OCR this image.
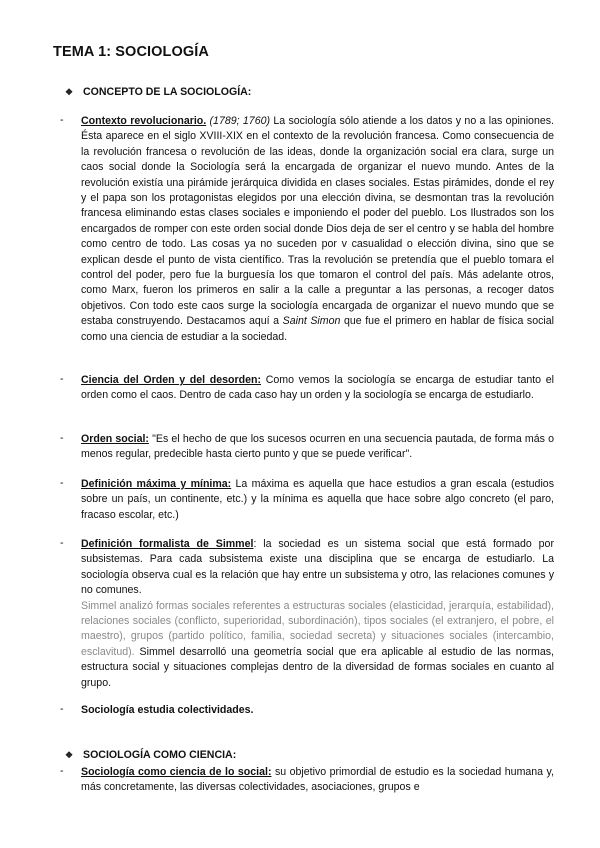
TEMA 1: SOCIOLOGÍA
❖ CONCEPTO DE LA SOCIOLOGÍA:
- Contexto revolucionario. (1789; 1760) La sociología sólo atiende a los datos y no a las opiniones. Ésta aparece en el siglo XVIII-XIX en el contexto de la revolución francesa. Como consecuencia de la revolución francesa o revolución de las ideas, donde la organización social era clara, surge un caos social donde la Sociología será la encargada de organizar el nuevo mundo. Antes de la revolución existía una pirámide jerárquica dividida en clases sociales. Estas pirámides, donde el rey y el papa son los protagonistas elegidos por una elección divina, se desmontan tras la revolución francesa eliminando estas clases sociales e imponiendo el poder del pueblo. Los Ilustrados son los encargados de romper con este orden social donde Dios deja de ser el centro y se habla del hombre como centro de todo. Las cosas ya no suceden por v casualidad o elección divina, sino que se explican desde el punto de vista científico. Tras la revolución se pretendía que el pueblo tomara el control del poder, pero fue la burguesía los que tomaron el control del país. Más adelante otros, como Marx, fueron los primeros en salir a la calle a preguntar a las personas, a recoger datos objetivos. Con todo este caos surge la sociología encargada de organizar el nuevo mundo que se estaba construyendo. Destacamos aquí a Saint Simon que fue el primero en hablar de física social como una ciencia de estudiar a la sociedad.
- Ciencia del Orden y del desorden: Como vemos la sociología se encarga de estudiar tanto el orden como el caos. Dentro de cada caso hay un orden y la sociología se encarga de estudiarlo.
- Orden social: "Es el hecho de que los sucesos ocurren en una secuencia pautada, de forma más o menos regular, predecible hasta cierto punto y que se puede verificar".
- Definición máxima y mínima: La máxima es aquella que hace estudios a gran escala (estudios sobre un país, un continente, etc.) y la mínima es aquella que hace sobre algo concreto (el paro, fracaso escolar, etc.)
- Definición formalista de Simmel: la sociedad es un sistema social que está formado por subsistemas. Para cada subsistema existe una disciplina que se encarga de estudiarlo. La sociología observa cual es la relación que hay entre un subsistema y otro, las relaciones comunes y no comunes.
Simmel analizó formas sociales referentes a estructuras sociales (elasticidad, jerarquía, estabilidad), relaciones sociales (conflicto, superioridad, subordinación), tipos sociales (el extranjero, el pobre, el maestro), grupos (partido político, familia, sociedad secreta) y situaciones sociales (intercambio, esclavitud). Simmel desarrolló una geometría social que era aplicable al estudio de las normas, estructura social y situaciones complejas dentro de la diversidad de formas sociales en cuanto al grupo.
- Sociología estudia colectividades.
❖ SOCIOLOGÍA COMO CIENCIA:
- Sociología como ciencia de lo social: su objetivo primordial de estudio es la sociedad humana y, más concretamente, las diversas colectividades, asociaciones, grupos e
